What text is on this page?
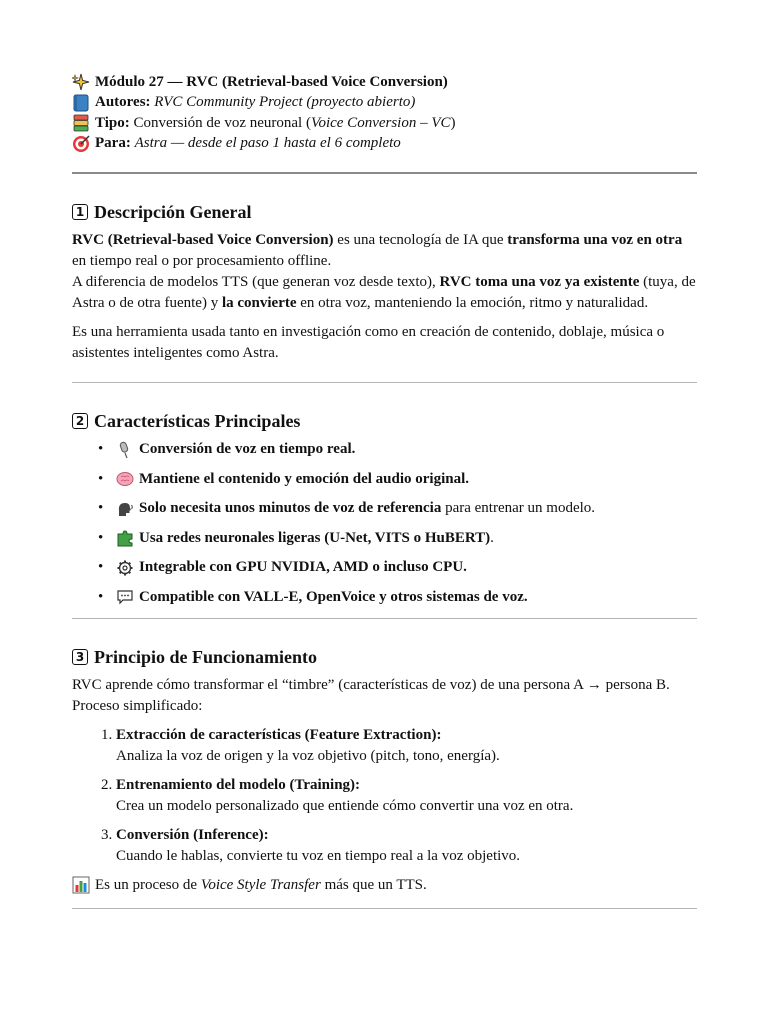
Módulo 27 — RVC (Retrieval-based Voice Conversion)
Autores: RVC Community Project (proyecto abierto)
Tipo: Conversión de voz neuronal (Voice Conversion – VC)
Para: Astra — desde el paso 1 hasta el 6 completo
1 Descripción General

RVC (Retrieval-based Voice Conversion) es una tecnología de IA que transforma una voz en otra en tiempo real o por procesamiento offline.
A diferencia de modelos TTS (que generan voz desde texto), RVC toma una voz ya existente (tuya, de Astra o de otra fuente) y la convierte en otra voz, manteniendo la emoción, ritmo y naturalidad.

Es una herramienta usada tanto en investigación como en creación de contenido, doblaje, música o asistentes inteligentes como Astra.

2 Características Principales
• Conversión de voz en tiempo real.
• Mantiene el contenido y emoción del audio original.
• Solo necesita unos minutos de voz de referencia para entrenar un modelo.
• Usa redes neuronales ligeras (U-Net, VITS o HuBERT).
• Integrable con GPU NVIDIA, AMD o incluso CPU.
• Compatible con VALL-E, OpenVoice y otros sistemas de voz.
3 Principio de Funcionamiento

RVC aprende cómo transformar el “timbre” (características de voz) de una persona A → persona B.
Proceso simplificado:

1. Extracción de características (Feature Extraction):
Analiza la voz de origen y la voz objetivo (pitch, tono, energía).
2. Entrenamiento del modelo (Training):
Crea un modelo personalizado que entiende cómo convertir una voz en otra.
3. Conversión (Inference):
Cuando le hablas, convierte tu voz en tiempo real a la voz objetivo.

Es un proceso de Voice Style Transfer más que un TTS.
